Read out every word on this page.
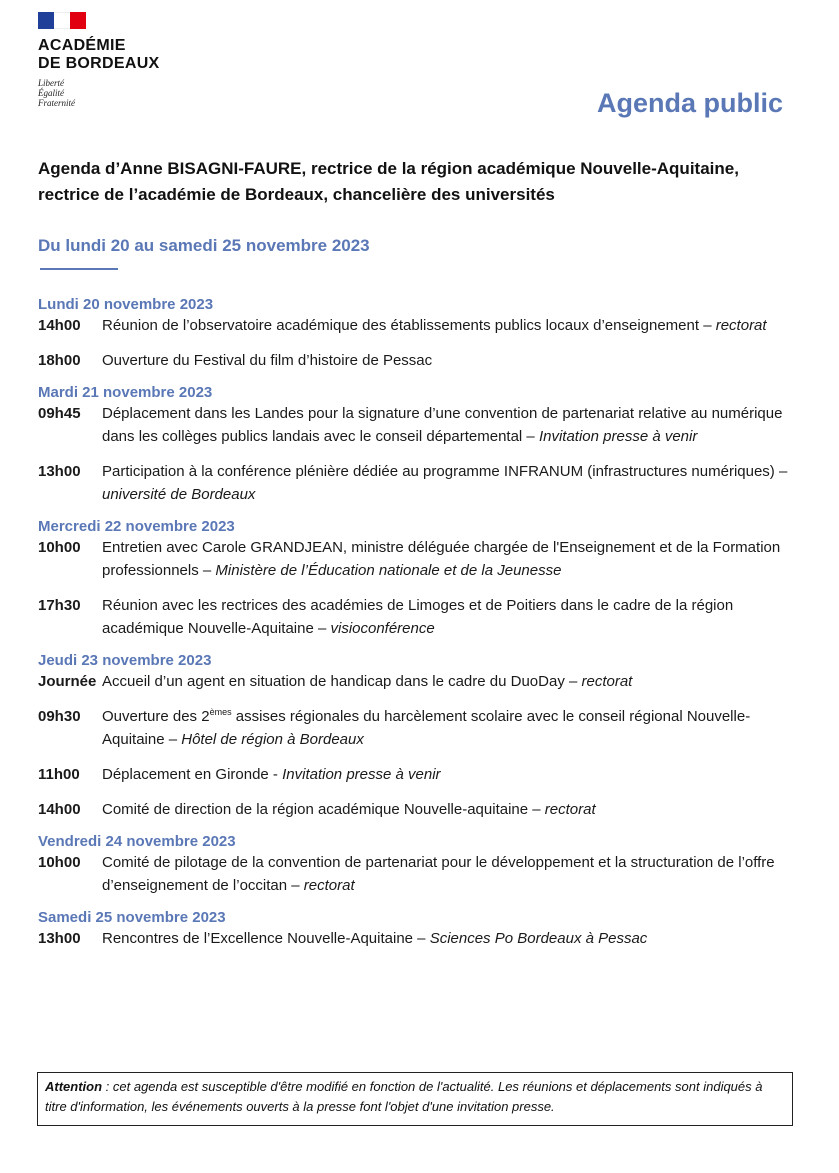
ACADÉMIE
DE BORDEAUX
Liberté
Égalité
Fraternité	Agenda public
Agenda d’Anne BISAGNI-FAURE, rectrice de la région académique Nouvelle-Aquitaine, rectrice de l’académie de Bordeaux, chancelière des universités
Du lundi 20 au samedi 25 novembre 2023
Lundi 20 novembre 2023
14h00	Réunion de l’observatoire académique des établissements publics locaux d’enseignement – rectorat
18h00	Ouverture du Festival du film d’histoire de Pessac
Mardi 21 novembre 2023
09h45	Déplacement dans les Landes pour la signature d’une convention de partenariat relative au numérique dans les collèges publics landais avec le conseil départemental – Invitation presse à venir
13h00	Participation à la conférence plénière dédiée au programme INFRANUM (infrastructures numériques) – université de Bordeaux
Mercredi 22 novembre 2023
10h00	Entretien avec Carole GRANDJEAN, ministre déléguée chargée de l'Enseignement et de la Formation professionnels – Ministère de l’Éducation nationale et de la Jeunesse
17h30	Réunion avec les rectrices des académies de Limoges et de Poitiers dans le cadre de la région académique Nouvelle-Aquitaine – visioconférence
Jeudi 23 novembre 2023
Journée Accueil d’un agent en situation de handicap dans le cadre du DuoDay – rectorat
09h30	Ouverture des 2èmes assises régionales du harcèlement scolaire avec le conseil régional Nouvelle-Aquitaine – Hôtel de région à Bordeaux
11h00	Déplacement en Gironde - Invitation presse à venir
14h00	Comité de direction de la région académique Nouvelle-aquitaine – rectorat
Vendredi 24 novembre 2023
10h00	Comité de pilotage de la convention de partenariat pour le développement et la structuration de l’offre d’enseignement de l’occitan – rectorat
Samedi 25 novembre 2023
13h00	Rencontres de l’Excellence Nouvelle-Aquitaine – Sciences Po Bordeaux à Pessac
Attention : cet agenda est susceptible d'être modifié en fonction de l'actualité. Les réunions et déplacements sont indiqués à titre d'information, les événements ouverts à la presse font l'objet d'une invitation presse.
